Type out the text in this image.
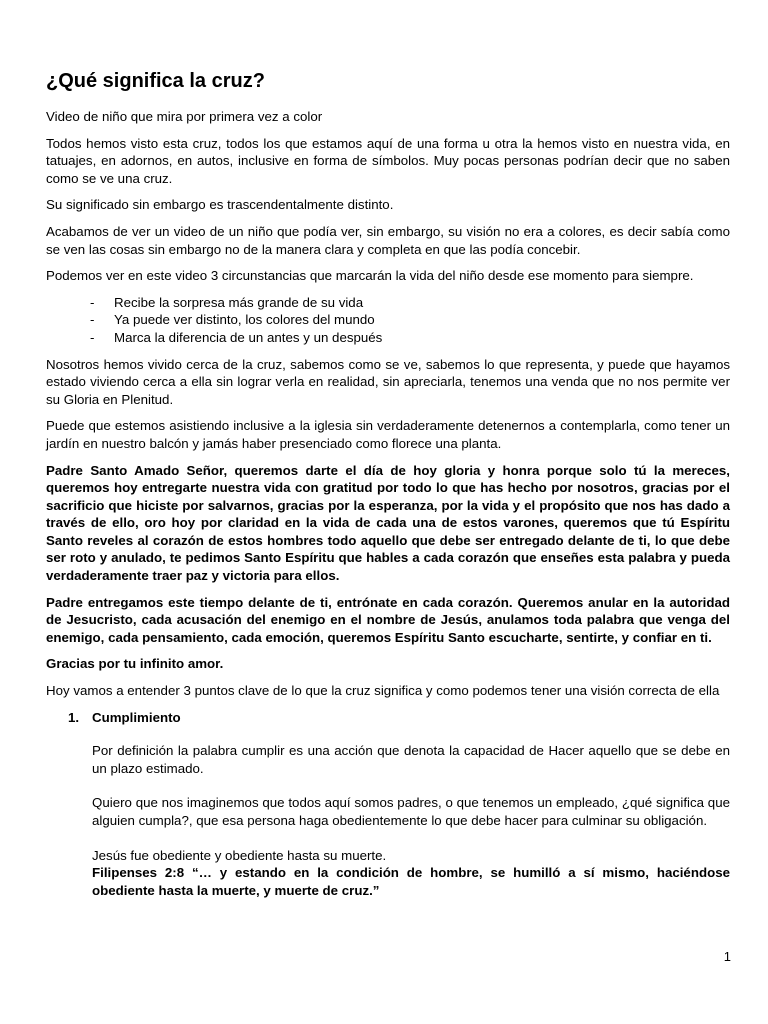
¿Qué significa la cruz?

Video de niño que mira por primera vez a color

Todos hemos visto esta cruz, todos los que estamos aquí de una forma u otra la hemos visto en nuestra vida, en tatuajes, en adornos, en autos, inclusive en forma de símbolos. Muy pocas personas podrían decir que no saben como se ve una cruz.

Su significado sin embargo es trascendentalmente distinto.

Acabamos de ver un video de un niño que podía ver, sin embargo, su visión no era a colores, es decir sabía como se ven las cosas sin embargo no de la manera clara y completa en que las podía concebir.

Podemos ver en este video 3 circunstancias que marcarán la vida del niño desde ese momento para siempre.

- Recibe la sorpresa más grande de su vida
- Ya puede ver distinto, los colores del mundo
- Marca la diferencia de un antes y un después

Nosotros hemos vivido cerca de la cruz, sabemos como se ve, sabemos lo que representa, y puede que hayamos estado viviendo cerca a ella sin lograr verla en realidad, sin apreciarla, tenemos una venda que no nos permite ver su Gloria en Plenitud.

Puede que estemos asistiendo inclusive a la iglesia sin verdaderamente detenernos a contemplarla, como tener un jardín en nuestro balcón y jamás haber presenciado como florece una planta.

Padre Santo Amado Señor, queremos darte el día de hoy gloria y honra porque solo tú la mereces, queremos hoy entregarte nuestra vida con gratitud por todo lo que has hecho por nosotros, gracias por el sacrificio que hiciste por salvarnos, gracias por la esperanza, por la vida y el propósito que nos has dado a través de ello, oro hoy por claridad en la vida de cada una de estos varones, queremos que tú Espíritu Santo reveles al corazón de estos hombres todo aquello que debe ser entregado delante de ti, lo que debe ser roto y anulado, te pedimos Santo Espíritu que hables a cada corazón que enseñes esta palabra y pueda verdaderamente traer paz y victoria para ellos.

Padre entregamos este tiempo delante de ti, entrónate en cada corazón. Queremos anular en la autoridad de Jesucristo, cada acusación del enemigo en el nombre de Jesús, anulamos toda palabra que venga del enemigo, cada pensamiento, cada emoción, queremos Espíritu Santo escucharte, sentirte, y confiar en ti.

Gracias por tu infinito amor.

Hoy vamos a entender 3 puntos clave de lo que la cruz significa y como podemos tener una visión correcta de ella

1. Cumplimiento

Por definición la palabra cumplir es una acción que denota la capacidad de Hacer aquello que se debe en un plazo estimado.

Quiero que nos imaginemos que todos aquí somos padres, o que tenemos un empleado, ¿qué significa que alguien cumpla?, que esa persona haga obedientemente lo que debe hacer para culminar su obligación.

Jesús fue obediente y obediente hasta su muerte.

Filipenses 2:8 “… y estando en la condición de hombre, se humilló a sí mismo, haciéndose obediente hasta la muerte, y muerte de cruz.”

1
